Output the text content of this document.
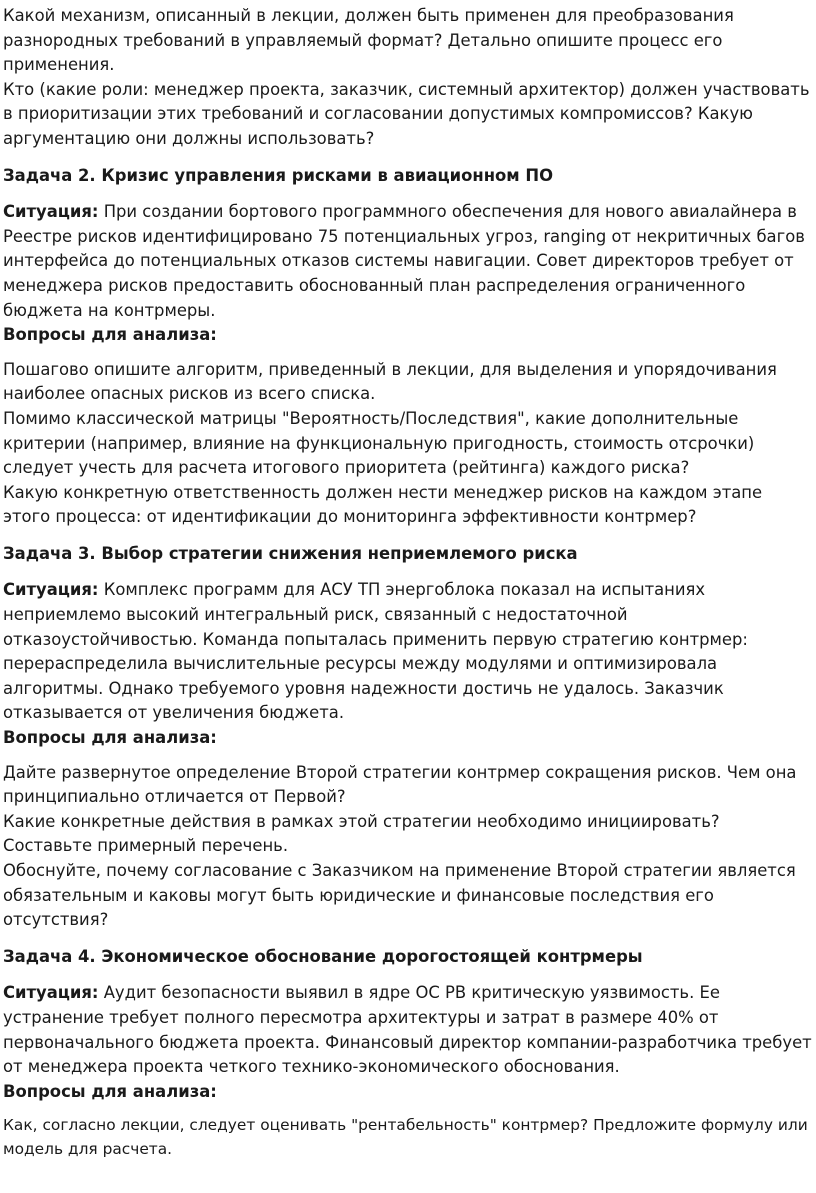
Какой механизм, описанный в лекции, должен быть применен для преобразования разнородных требований в управляемый формат? Детально опишите процесс его применения.

Кто (какие роли: менеджер проекта, заказчик, системный архитектор) должен участвовать в приоритизации этих требований и согласовании допустимых компромиссов? Какую аргументацию они должны использовать?

Задача 2. Кризис управления рисками в авиационном ПО

Ситуация: При создании бортового программного обеспечения для нового авиалайнера в Реестре рисков идентифицировано 75 потенциальных угроз, ranging от некритичных багов интерфейса до потенциальных отказов системы навигации. Совет директоров требует от менеджера рисков предоставить обоснованный план распределения ограниченного бюджета на контрмеры.

Вопросы для анализа:

Пошагово опишите алгоритм, приведенный в лекции, для выделения и упорядочивания наиболее опасных рисков из всего списка.

Помимо классической матрицы "Вероятность/Последствия", какие дополнительные критерии (например, влияние на функциональную пригодность, стоимость отсрочки) следует учесть для расчета итогового приоритета (рейтинга) каждого риска?

Какую конкретную ответственность должен нести менеджер рисков на каждом этапе этого процесса: от идентификации до мониторинга эффективности контрмер?

Задача 3. Выбор стратегии снижения неприемлемого риска

Ситуация: Комплекс программ для АСУ ТП энергоблока показал на испытаниях неприемлемо высокий интегральный риск, связанный с недостаточной отказоустойчивостью. Команда попыталась применить первую стратегию контрмер: перераспределила вычислительные ресурсы между модулями и оптимизировала алгоритмы. Однако требуемого уровня надежности достичь не удалось. Заказчик отказывается от увеличения бюджета.

Вопросы для анализа:

Дайте развернутое определение Второй стратегии контрмер сокращения рисков. Чем она принципиально отличается от Первой?

Какие конкретные действия в рамках этой стратегии необходимо инициировать? Составьте примерный перечень.

Обоснуйте, почему согласование с Заказчиком на применение Второй стратегии является обязательным и каковы могут быть юридические и финансовые последствия его отсутствия?

Задача 4. Экономическое обоснование дорогостоящей контрмеры

Ситуация: Аудит безопасности выявил в ядре ОС РВ критическую уязвимость. Ее устранение требует полного пересмотра архитектуры и затрат в размере 40% от первоначального бюджета проекта. Финансовый директор компании-разработчика требует от менеджера проекта четкого технико-экономического обоснования.

Вопросы для анализа:

Как, согласно лекции, следует оценивать "рентабельность" контрмер? Предложите формулу или модель для расчета.
